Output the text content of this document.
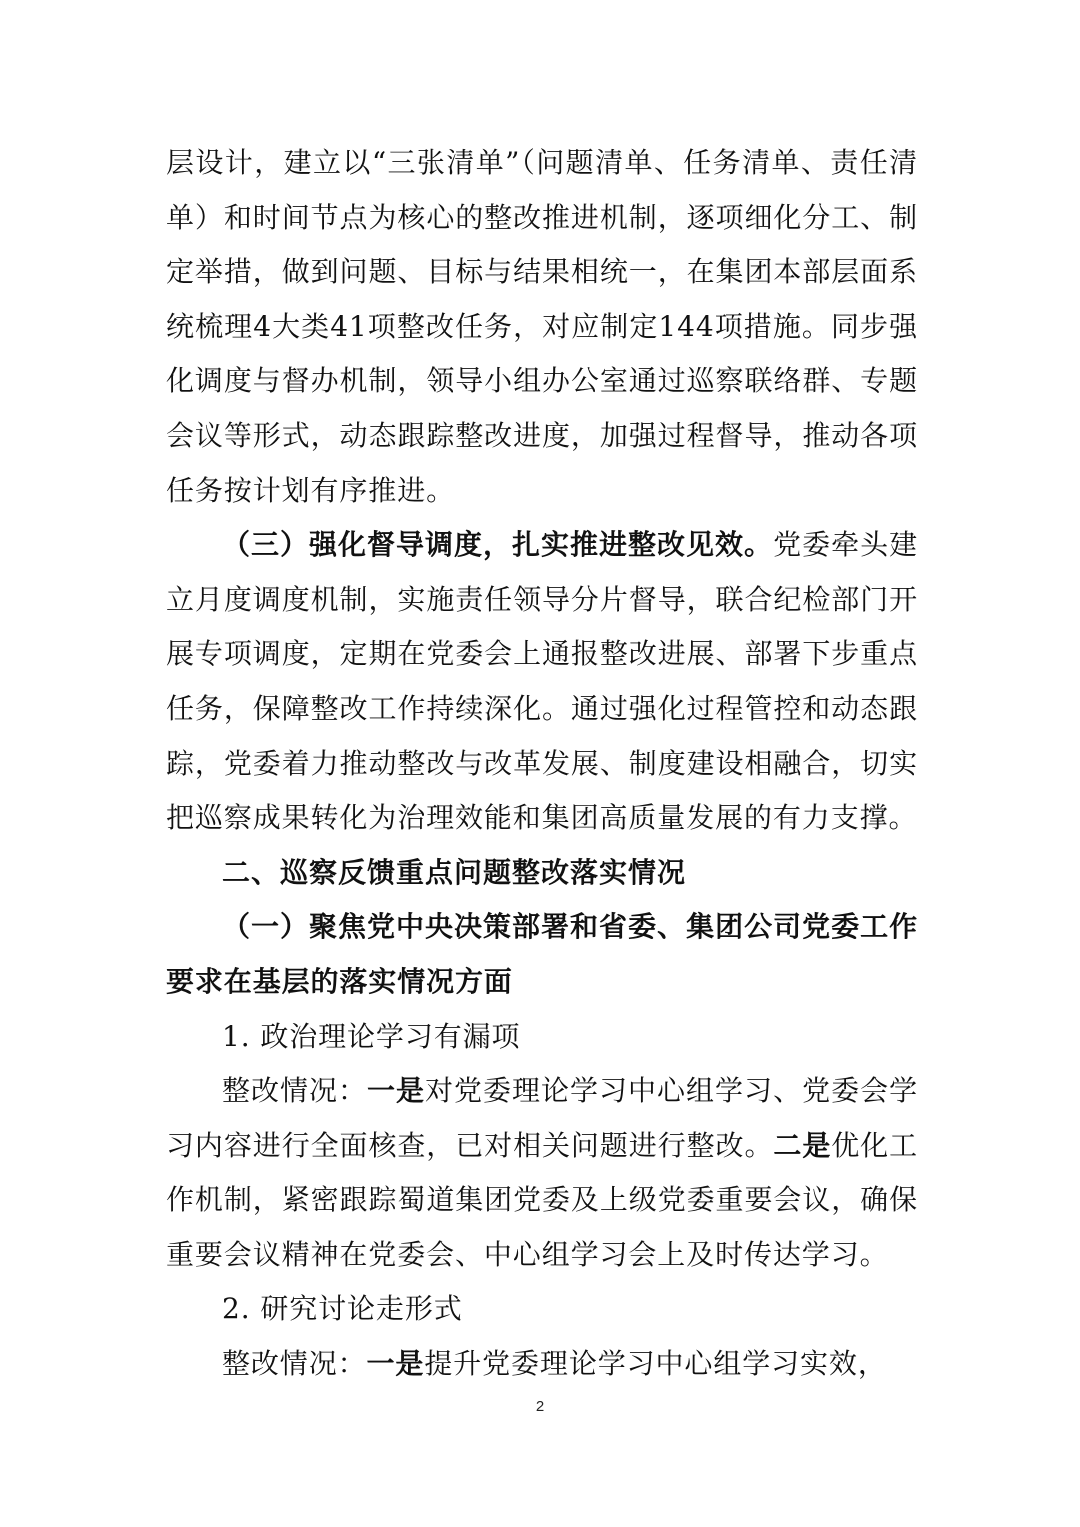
层设计，建立以“三张清单”（问题清单、任务清单、责任清单）和时间节点为核心的整改推进机制，逐项细化分工、制定举措，做到问题、目标与结果相统一，在集团本部层面系统梳理4大类41项整改任务，对应制定144项措施。同步强化调度与督办机制，领导小组办公室通过巡察联络群、专题会议等形式，动态跟踪整改进度，加强过程督导，推动各项任务按计划有序推进。

（三）强化督导调度，扎实推进整改见效。党委牵头建立月度调度机制，实施责任领导分片督导，联合纪检部门开展专项调度，定期在党委会上通报整改进展、部署下步重点任务，保障整改工作持续深化。通过强化过程管控和动态跟踪，党委着力推动整改与改革发展、制度建设相融合，切实把巡察成果转化为治理效能和集团高质量发展的有力支撑。

二、巡察反馈重点问题整改落实情况

（一）聚焦党中央决策部署和省委、集团公司党委工作要求在基层的落实情况方面

1. 政治理论学习有漏项

整改情况：一是对党委理论学习中心组学习、党委会学习内容进行全面核查，已对相关问题进行整改。二是优化工作机制，紧密跟踪蜀道集团党委及上级党委重要会议，确保重要会议精神在党委会、中心组学习会上及时传达学习。

2. 研究讨论走形式

整改情况：一是提升党委理论学习中心组学习实效，

2
